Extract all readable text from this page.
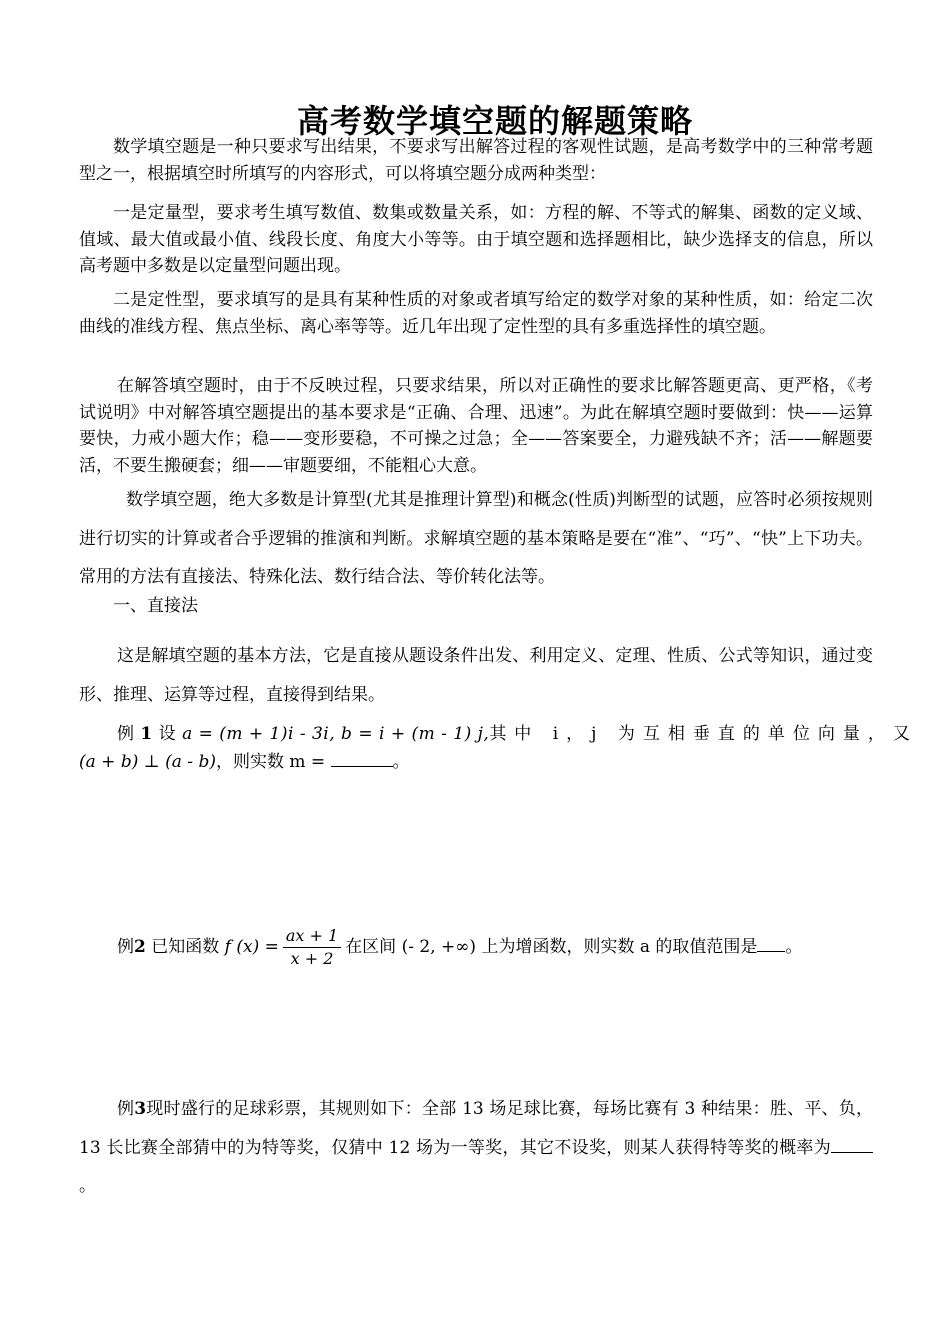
高考数学填空题的解题策略

数学填空题是一种只要求写出结果，不要求写出解答过程的客观性试题，是高考数学中的三种常考题型之一，根据填空时所填写的内容形式，可以将填空题分成两种类型：

一是定量型，要求考生填写数值、数集或数量关系，如：方程的解、不等式的解集、函数的定义域、值域、最大值或最小值、线段长度、角度大小等等。由于填空题和选择题相比，缺少选择支的信息，所以高考题中多数是以定量型问题出现。

二是定性型，要求填写的是具有某种性质的对象或者填写给定的数学对象的某种性质，如：给定二次曲线的准线方程、焦点坐标、离心率等等。近几年出现了定性型的具有多重选择性的填空题。

在解答填空题时，由于不反映过程，只要求结果，所以对正确性的要求比解答题更高、更严格，《考试说明》中对解答填空题提出的基本要求是“正确、合理、迅速”。为此在解填空题时要做到：快——运算要快，力戒小题大作；稳——变形要稳，不可操之过急；全——答案要全，力避残缺不齐；活——解题要活，不要生搬硬套；细——审题要细，不能粗心大意。

数学填空题，绝大多数是计算型(尤其是推理计算型)和概念(性质)判断型的试题，应答时必须按规则进行切实的计算或者合乎逻辑的推演和判断。求解填空题的基本策略是要在“准”、“巧”、“快”上下功夫。常用的方法有直接法、特殊化法、数行结合法、等价转化法等。

一、直接法

这是解填空题的基本方法，它是直接从题设条件出发、利用定义、定理、性质、公式等知识，通过变形、推理、运算等过程，直接得到结果。

例 1 设 a = (m + 1)i - 3i, b = i + (m - 1) j,其中 i，j 为互相垂直的单位向量，又
(a + b) ⊥ (a - b)，则实数 m =	。
例2 已知函数 f $(x) = \frac{ax + 1}{x + 2}$ 在区间 (- 2, +∞) 上为增函数，则实数 a 的取值范围是 。

例3现时盛行的足球彩票，其规则如下：全部 13 场足球比赛，每场比赛有 3 种结果：胜、平、负，13 长比赛全部猜中的为特等奖，仅猜中 12 场为一等奖，其它不设奖，则某人获得特等奖的概率为。
